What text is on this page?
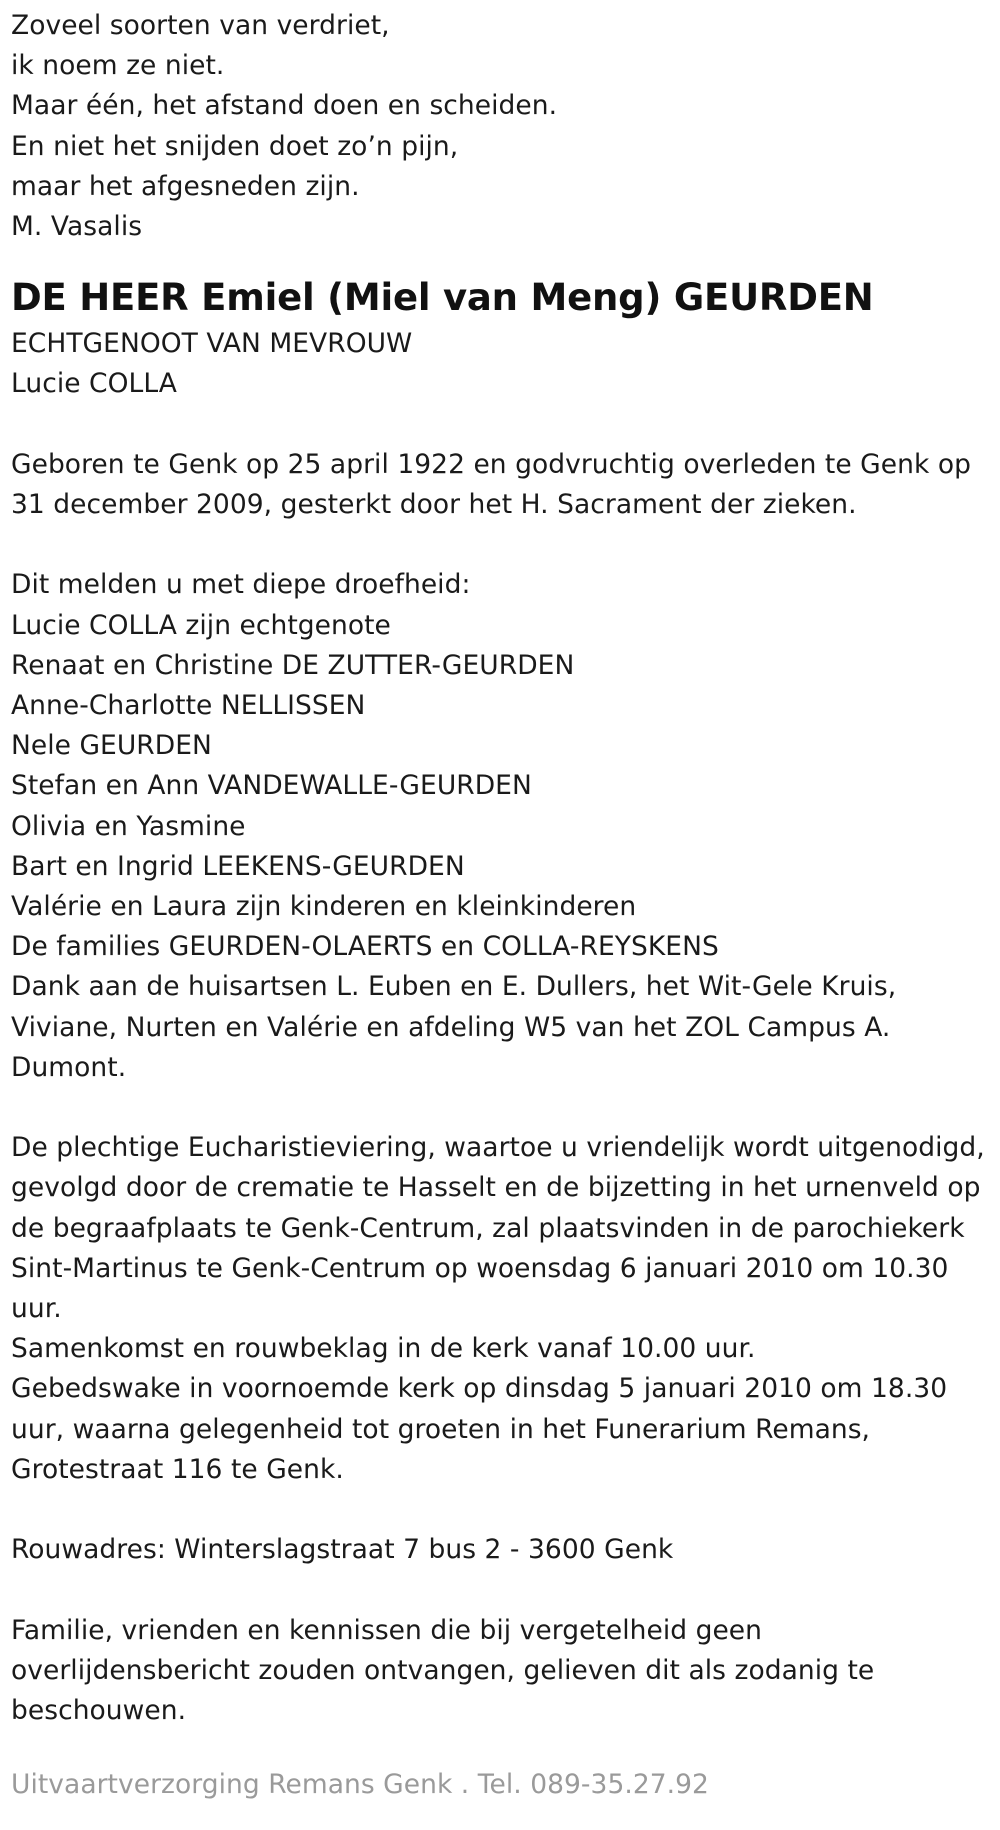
Zoveel soorten van verdriet,
ik noem ze niet.
Maar één, het afstand doen en scheiden.
En niet het snijden doet zo’n pijn,
maar het afgesneden zijn.
M. Vasalis
DE HEER Emiel (Miel van Meng) GEURDEN
ECHTGENOOT VAN MEVROUW
Lucie COLLA
Geboren te Genk op 25 april 1922 en godvruchtig overleden te Genk op
31 december 2009, gesterkt door het H. Sacrament der zieken.
Dit melden u met diepe droefheid:
Lucie COLLA zijn echtgenote
Renaat en Christine DE ZUTTER-GEURDEN
Anne-Charlotte NELLISSEN
Nele GEURDEN
Stefan en Ann VANDEWALLE-GEURDEN
Olivia en Yasmine
Bart en Ingrid LEEKENS-GEURDEN
Valérie en Laura zijn kinderen en kleinkinderen
De families GEURDEN-OLAERTS en COLLA-REYSKENS
Dank aan de huisartsen L. Euben en E. Dullers, het Wit-Gele Kruis,
Viviane, Nurten en Valérie en afdeling W5 van het ZOL Campus A.
Dumont.
De plechtige Eucharistieviering, waartoe u vriendelijk wordt uitgenodigd,
gevolgd door de crematie te Hasselt en de bijzetting in het urnenveld op
de begraafplaats te Genk-Centrum, zal plaatsvinden in de parochiekerk
Sint-Martinus te Genk-Centrum op woensdag 6 januari 2010 om 10.30
uur.
Samenkomst en rouwbeklag in de kerk vanaf 10.00 uur.
Gebedswake in voornoemde kerk op dinsdag 5 januari 2010 om 18.30
uur, waarna gelegenheid tot groeten in het Funerarium Remans,
Grotestraat 116 te Genk.
Rouwadres: Winterslagstraat 7 bus 2 - 3600 Genk
Familie, vrienden en kennissen die bij vergetelheid geen
overlijdensbericht zouden ontvangen, gelieven dit als zodanig te
beschouwen.
Uitvaartverzorging Remans Genk . Tel. 089-35.27.92
